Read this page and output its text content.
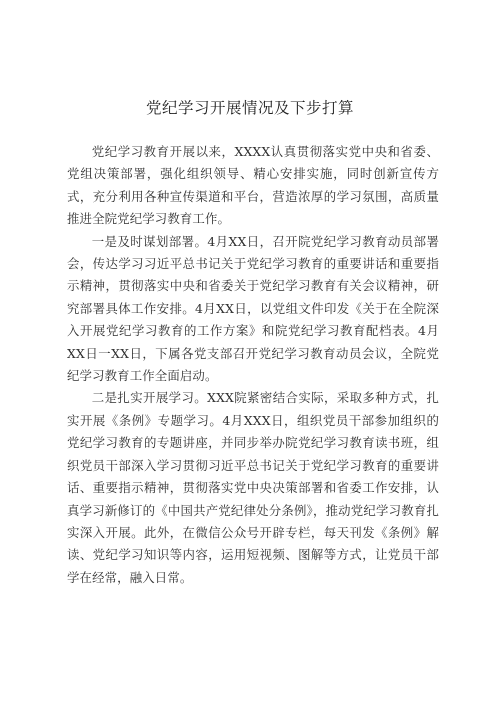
党纪学习开展情况及下步打算

党纪学习教育开展以来，XXXX认真贯彻落实党中央和省委、党组决策部署，强化组织领导、精心安排实施，同时创新宣传方式，充分利用各种宣传渠道和平台，营造浓厚的学习氛围，高质量推进全院党纪学习教育工作。

一是及时谋划部署。4月XX日，召开院党纪学习教育动员部署会，传达学习习近平总书记关于党纪学习教育的重要讲话和重要指示精神，贯彻落实中央和省委关于党纪学习教育有关会议精神，研究部署具体工作安排。4月XX日，以党组文件印发《关于在全院深入开展党纪学习教育的工作方案》和院党纪学习教育配档表。4月XX日一XX日，下属各党支部召开党纪学习教育动员会议，全院党纪学习教育工作全面启动。

二是扎实开展学习。XXX院紧密结合实际，采取多种方式，扎实开展《条例》专题学习。4月XXX日，组织党员干部参加组织的党纪学习教育的专题讲座，并同步举办院党纪学习教育读书班，组织党员干部深入学习贯彻习近平总书记关于党纪学习教育的重要讲话、重要指示精神，贯彻落实党中央决策部署和省委工作安排，认真学习新修订的《中国共产党纪律处分条例》，推动党纪学习教育扎实深入开展。此外，在微信公众号开辟专栏，每天刊发《条例》解读、党纪学习知识等内容，运用短视频、图解等方式，让党员干部学在经常，融入日常。
